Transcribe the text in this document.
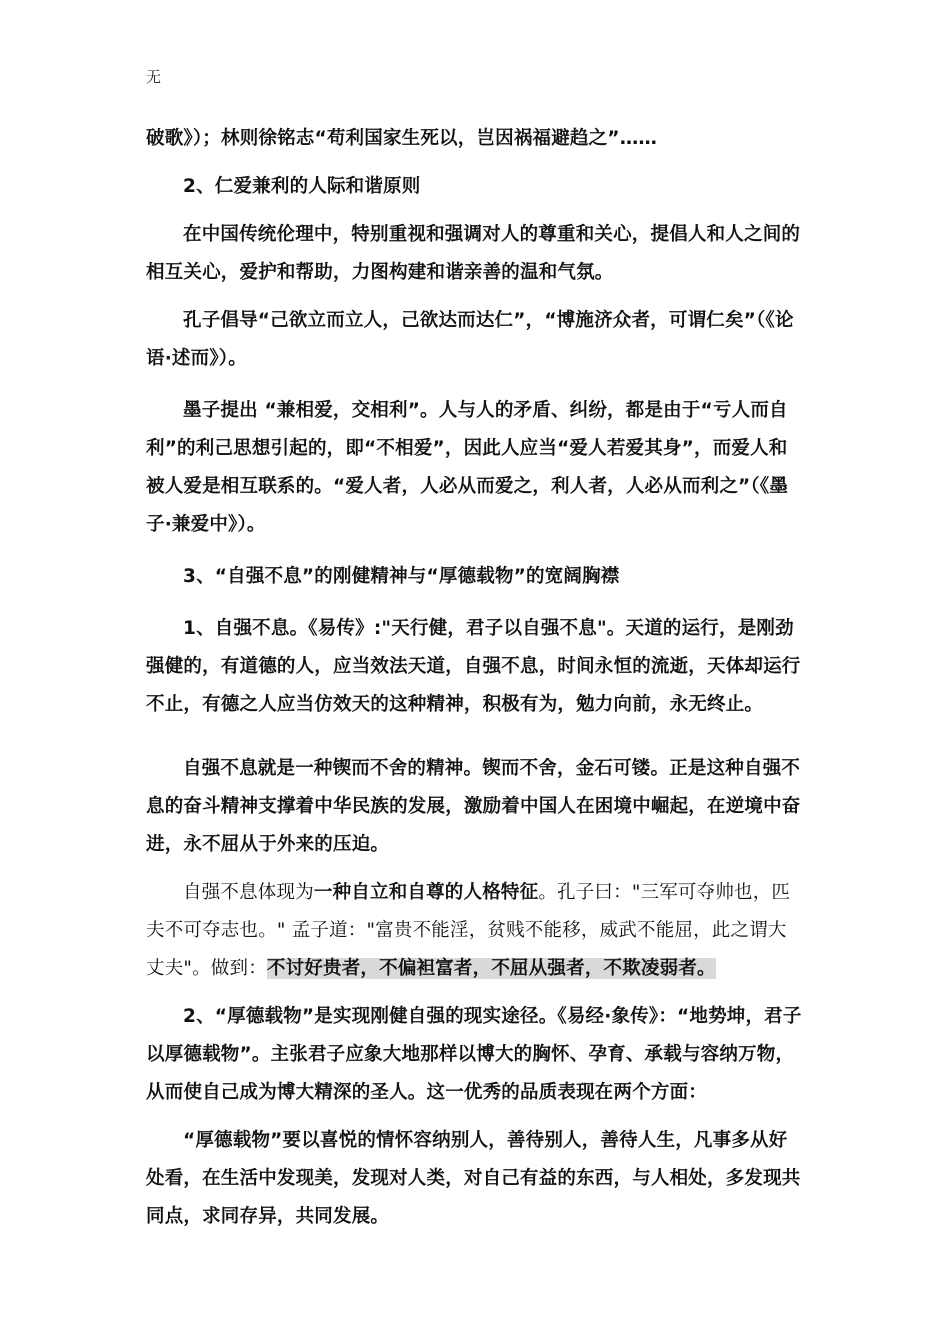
无

破歌》）；林则徐铭志“苟利国家生死以，岂因祸福避趋之”……

2、仁爱兼利的人际和谐原则

在中国传统伦理中，特别重视和强调对人的尊重和关心，提倡人和人之间的相互关心，爱护和帮助，力图构建和谐亲善的温和气氛。

孔子倡导“己欲立而立人，己欲达而达仁”，“博施济众者，可谓仁矣”（《论语·述而》）。

墨子提出 “兼相爱，交相利”。人与人的矛盾、纠纷，都是由于“亏人而自利”的利己思想引起的，即“不相爱”，因此人应当“爱人若爱其身”，而爱人和被人爱是相互联系的。“爱人者，人必从而爱之，利人者，人必从而利之”（《墨子·兼爱中》）。

3、“自强不息”的刚健精神与“厚德载物”的宽阔胸襟

1、自强不息。《易传》:"天行健，君子以自强不息"。天道的运行，是刚劲强健的，有道德的人，应当效法天道，自强不息，时间永恒的流逝，天体却运行不止，有德之人应当仿效天的这种精神，积极有为，勉力向前，永无终止。

自强不息就是一种锲而不舍的精神。锲而不舍，金石可镂。正是这种自强不息的奋斗精神支撑着中华民族的发展，激励着中国人在困境中崛起，在逆境中奋进，永不屈从于外来的压迫。

自强不息体现为一种自立和自尊的人格特征。孔子曰："三军可夺帅也，匹夫不可夺志也。" 孟子道："富贵不能淫，贫贱不能移，威武不能屈，此之谓大丈夫"。做到：不讨好贵者，不偏袒富者，不屈从强者，不欺凌弱者。

2、“厚德载物”是实现刚健自强的现实途径。《易经·象传》：“地势坤，君子以厚德载物”。主张君子应象大地那样以博大的胸怀、孕育、承载与容纳万物，从而使自己成为博大精深的圣人。这一优秀的品质表现在两个方面：

“厚德载物”要以喜悦的情怀容纳别人，善待别人，善待人生，凡事多从好处看，在生活中发现美，发现对人类，对自己有益的东西，与人相处，多发现共同点，求同存异，共同发展。
